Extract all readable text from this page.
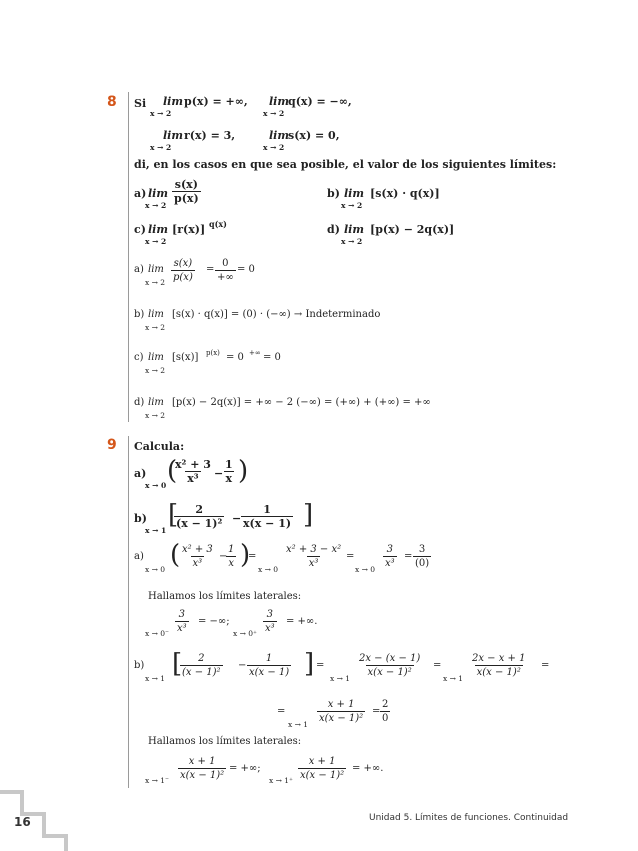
8 Si lim
x → 2
p(x) = +∞, lim
x → 2
q(x) = −∞,
lim
x → 2
r(x) = 3,	lim
x → 2
s(x) = 0,
di, en los casos en que sea posible, el valor de los siguientes límites:
a) lim
x → 2
$\frac{s(x)}{p(x)}$	b) lim
x → 2
[s(x) · q(x)]
c) lim
x → 2
[r(x)] q(x)	d) lim
x → 2
[p(x) − 2q(x)]
a) lim
$x \to 2 \frac{s(x)}{p(x)}$ =
0
+∞
= 0
b) lim
x → 2
[s(x) · q(x)] = (0) · (−∞) → Indeterminado
c) lim
x → 2
[s(x)] p(x) = 0 +∞ = 0
d) lim
x → 2
[p(x) − 2q(x)] = +∞ − 2 (−∞) = (+∞) + (+∞) = +∞
9 Calcula:
a)
x → 0 (
$\frac{\text{x² + 3}}{\text{x³}} - \frac{1}{x}$ )
b)
x → 1
[
$\frac{2}{\text{(x − 1)²}} - \frac{1}{x(x - 1)}$ ]
a)
x → 0 ( $\frac{\text{x² + 3}}{\text{x³}}$ −
$\frac{1}{x}$ )
=
$x \to 0 \frac{\text{x² + 3 − x²}}{\text{x³}}$ =
$x \to 0 \frac{3}{\text{x³}} = \frac{3}{(0)}$
Hallamos los límites laterales:
$x \to 0^- \frac{3}{\text{x³}}$ = −∞;
$x \to 0^+ \frac{3}{\text{x³}}$ = +∞.
b)
x → 1 [
$\frac{2}{\text{(x − 1)²}} - \frac{1}{x(x - 1)}$ ] =
$x \to 1 \frac{2x - (x - 1)}{\text{x(x − 1)²}}$ =
$x \to 1 \frac{2x - x + 1}{\text{x(x − 1)²}}$ =
=
$x \to 1 \frac{x + 1}{\text{x(x − 1)²}} = \frac{2}{0}$
Hallamos los límites laterales:
$x \to 1^- \frac{x + 1}{\text{x(x − 1)²}}$ = +∞;
$x \to 1^+ \frac{x + 1}{\text{x(x − 1)²}}$ = +∞.
16	Unidad 5. Límites de funciones. Continuidad
